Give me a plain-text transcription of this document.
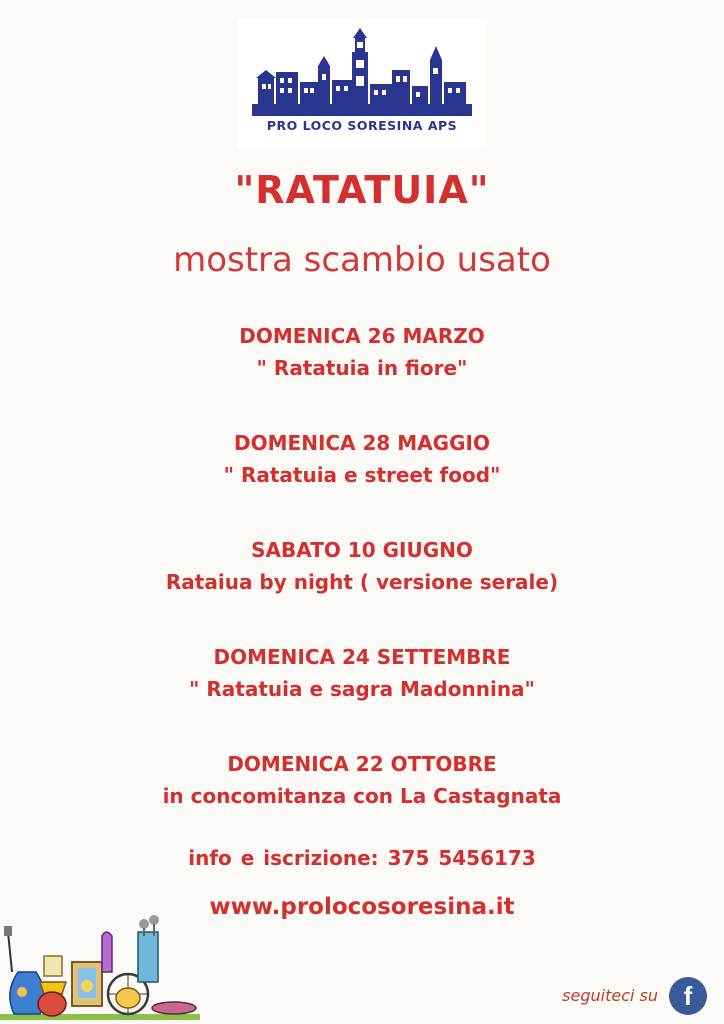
PRO LOCO SORESINA APS
"RATATUIA"
mostra scambio usato
DOMENICA 26 MARZO
" Ratatuia in fiore"
DOMENICA 28 MAGGIO
" Ratatuia e street food"
SABATO 10 GIUGNO
Rataiua by night ( versione serale)
DOMENICA 24 SETTEMBRE
" Ratatuia e sagra Madonnina"
DOMENICA 22 OTTOBRE
in concomitanza con La Castagnata
info e iscrizione: 375 5456173
www.prolocosoresina.it
seguiteci su f
